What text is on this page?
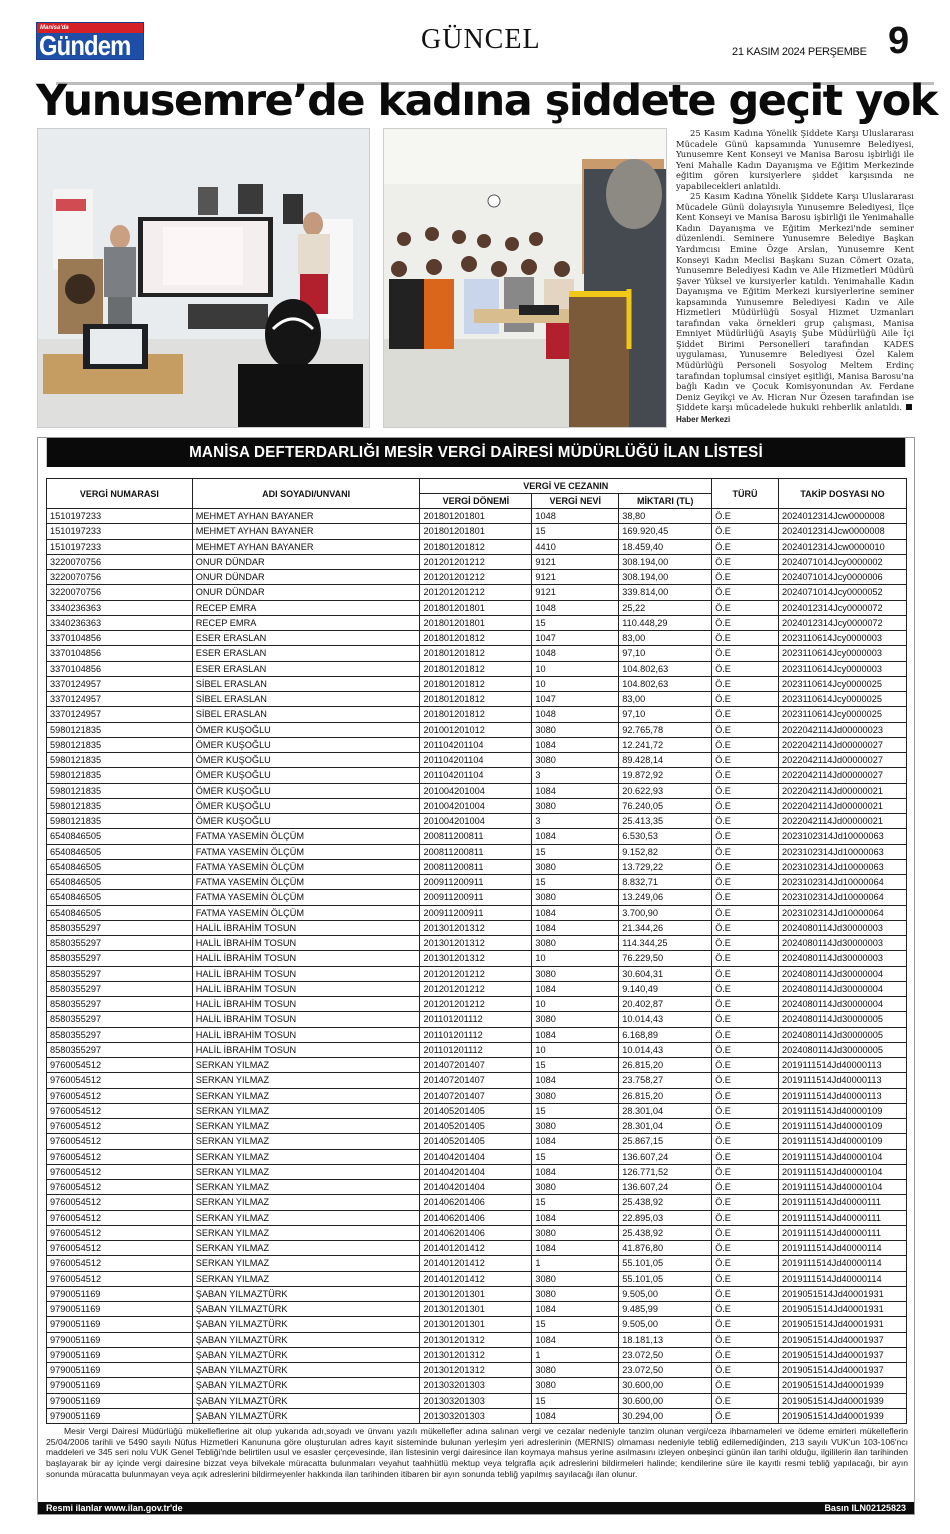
Manisa'da
Gündem	GÜNCEL	21 KASIM 2024 PERŞEMBE 9
Yunusemre’de kadına şiddete geçit yok

25 Kasım Kadına Yönelik Şiddete Karşı Uluslararası Mücadele Günü kapsamında Yunusemre Belediyesi, Yunusemre Kent Konseyi ve Manisa Barosu işbirliği ile Yeni Mahalle Kadın Dayanışma ve Eğitim Merkezinde eğitim gören kursiyerlere şiddet karşısında ne yapabilecekleri anlatıldı.

25 Kasım Kadına Yönelik Şiddete Karşı Uluslararası Mücadele Günü dolayısıyla Yunusemre Belediyesi, İlçe Kent Konseyi ve Manisa Barosu işbirliği ile Yenimahalle Kadın Dayanışma ve Eğitim Merkezi'nde seminer düzenlendi. Seminere Yunusemre Belediye Başkan Yardımcısı Emine Özge Arslan, Yunusemre Kent Konseyi Kadın Meclisi Başkanı Suzan Cömert Ozata, Yunusemre Belediyesi Kadın ve Aile Hizmetleri Müdürü Şaver Yüksel ve kursiyerler katıldı. Yenimahalle Kadın Dayanışma ve Eğitim Merkezi kursiyerlerine seminer kapsamında Yunusemre Belediyesi Kadın ve Aile Hizmetleri Müdürlüğü Sosyal Hizmet Uzmanları tarafından vaka örnekleri grup çalışması, Manisa Emniyet Müdürlüğü Asayiş Şube Müdürlüğü Aile İçi Şiddet Birimi Personelleri tarafından KADES uygulaması, Yunusemre Belediyesi Özel Kalem Müdürlüğü Personeli Sosyolog Meltem Erdinç tarafından toplumsal cinsiyet eşitliği, Manisa Barosu'na bağlı Kadın ve Çocuk Komisyonundan Av. Ferdane Deniz Geyikçi ve Av. Hicran Nur Özesen tarafından ise Şiddete karşı mücadelede hukuki rehberlik anlatıldı.Haber Merkezi

MANİSA DEFTERDARLIĞI MESİR VERGİ DAİRESİ MÜDÜRLÜĞÜ İLAN LİSTESİ
VERGİ NUMARASI	ADI SOYADI/UNVANI	VERGİ VE CEZANIN			TÜRÜ	TAKİP DOSYASI NO
		VERGİ DÖNEMİ	VERGİ NEVİ	MİKTARI (TL)		
1510197233	MEHMET AYHAN BAYANER	201801201801	1048	38,80	Ö.E	2024012314Jcw0000008
1510197233	MEHMET AYHAN BAYANER	201801201801	15	169.920,45	Ö.E	2024012314Jcw0000008
1510197233	MEHMET AYHAN BAYANER	201801201812	4410	18.459,40	Ö.E	2024012314Jcw0000010
3220070756	ONUR DÜNDAR	201201201212	9121	308.194,00	Ö.E	2024071014Jcy0000002
3220070756	ONUR DÜNDAR	201201201212	9121	308.194,00	Ö.E	2024071014Jcy0000006
3220070756	ONUR DÜNDAR	201201201212	9121	339.814,00	Ö.E	2024071014Jcy0000052
3340236363	RECEP EMRA	201801201801	1048	25,22	Ö.E	2024012314Jcy0000072
3340236363	RECEP EMRA	201801201801	15	110.448,29	Ö.E	2024012314Jcy0000072
3370104856	ESER ERASLAN	201801201812	1047	83,00	Ö.E	2023110614Jcy0000003
3370104856	ESER ERASLAN	201801201812	1048	97,10	Ö.E	2023110614Jcy0000003
3370104856	ESER ERASLAN	201801201812	10	104.802,63	Ö.E	2023110614Jcy0000003
3370124957	SİBEL ERASLAN	201801201812	10	104.802,63	Ö.E	2023110614Jcy0000025
3370124957	SİBEL ERASLAN	201801201812	1047	83,00	Ö.E	2023110614Jcy0000025
3370124957	SİBEL ERASLAN	201801201812	1048	97,10	Ö.E	2023110614Jcy0000025
5980121835	ÖMER KUŞOĞLU	201001201012	3080	92.765,78	Ö.E	2022042114Jd00000023
5980121835	ÖMER KUŞOĞLU	201104201104	1084	12.241,72	Ö.E	2022042114Jd00000027
5980121835	ÖMER KUŞOĞLU	201104201104	3080	89.428,14	Ö.E	2022042114Jd00000027
5980121835	ÖMER KUŞOĞLU	201104201104	3	19.872,92	Ö.E	2022042114Jd00000027
5980121835	ÖMER KUŞOĞLU	201004201004	1084	20.622,93	Ö.E	2022042114Jd00000021
5980121835	ÖMER KUŞOĞLU	201004201004	3080	76.240,05	Ö.E	2022042114Jd00000021
5980121835	ÖMER KUŞOĞLU	201004201004	3	25.413,35	Ö.E	2022042114Jd00000021
6540846505	FATMA YASEMİN ÖLÇÜM	200811200811	1084	6.530,53	Ö.E	2023102314Jd10000063
6540846505	FATMA YASEMİN ÖLÇÜM	200811200811	15	9.152,82	Ö.E	2023102314Jd10000063
6540846505	FATMA YASEMİN ÖLÇÜM	200811200811	3080	13.729,22	Ö.E	2023102314Jd10000063
6540846505	FATMA YASEMİN ÖLÇÜM	200911200911	15	8.832,71	Ö.E	2023102314Jd10000064
6540846505	FATMA YASEMİN ÖLÇÜM	200911200911	3080	13.249,06	Ö.E	2023102314Jd10000064
6540846505	FATMA YASEMİN ÖLÇÜM	200911200911	1084	3.700,90	Ö.E	2023102314Jd10000064
8580355297	HALİL İBRAHİM TOSUN	201301201312	1084	21.344,26	Ö.E	2024080114Jd30000003
8580355297	HALİL İBRAHİM TOSUN	201301201312	3080	114.344,25	Ö.E	2024080114Jd30000003
8580355297	HALİL İBRAHİM TOSUN	201301201312	10	76.229,50	Ö.E	2024080114Jd30000003
8580355297	HALİL İBRAHİM TOSUN	201201201212	3080	30.604,31	Ö.E	2024080114Jd30000004
8580355297	HALİL İBRAHİM TOSUN	201201201212	1084	9.140,49	Ö.E	2024080114Jd30000004
8580355297	HALİL İBRAHİM TOSUN	201201201212	10	20.402,87	Ö.E	2024080114Jd30000004
8580355297	HALİL İBRAHİM TOSUN	201101201112	3080	10.014,43	Ö.E	2024080114Jd30000005
8580355297	HALİL İBRAHİM TOSUN	201101201112	1084	6.168,89	Ö.E	2024080114Jd30000005
8580355297	HALİL İBRAHİM TOSUN	201101201112	10	10.014,43	Ö.E	2024080114Jd30000005
9760054512	SERKAN YILMAZ	201407201407	15	26.815,20	Ö.E	2019111514Jd40000113
9760054512	SERKAN YILMAZ	201407201407	1084	23.758,27	Ö.E	2019111514Jd40000113
9760054512	SERKAN YILMAZ	201407201407	3080	26.815,20	Ö.E	2019111514Jd40000113
9760054512	SERKAN YILMAZ	201405201405	15	28.301,04	Ö.E	2019111514Jd40000109
9760054512	SERKAN YILMAZ	201405201405	3080	28.301,04	Ö.E	2019111514Jd40000109
9760054512	SERKAN YILMAZ	201405201405	1084	25.867,15	Ö.E	2019111514Jd40000109
9760054512	SERKAN YILMAZ	201404201404	15	136.607,24	Ö.E	2019111514Jd40000104
9760054512	SERKAN YILMAZ	201404201404	1084	126.771,52	Ö.E	2019111514Jd40000104
9760054512	SERKAN YILMAZ	201404201404	3080	136.607,24	Ö.E	2019111514Jd40000104
9760054512	SERKAN YILMAZ	201406201406	15	25.438,92	Ö.E	2019111514Jd40000111
9760054512	SERKAN YILMAZ	201406201406	1084	22.895,03	Ö.E	2019111514Jd40000111
9760054512	SERKAN YILMAZ	201406201406	3080	25.438,92	Ö.E	2019111514Jd40000111
9760054512	SERKAN YILMAZ	201401201412	1084	41.876,80	Ö.E	2019111514Jd40000114
9760054512	SERKAN YILMAZ	201401201412	1	55.101,05	Ö.E	2019111514Jd40000114
9760054512	SERKAN YILMAZ	201401201412	3080	55.101,05	Ö.E	2019111514Jd40000114
9790051169	ŞABAN YILMAZTÜRK	201301201301	3080	9.505,00	Ö.E	2019051514Jd40001931
9790051169	ŞABAN YILMAZTÜRK	201301201301	1084	9.485,99	Ö.E	2019051514Jd40001931
9790051169	ŞABAN YILMAZTÜRK	201301201301	15	9.505,00	Ö.E	2019051514Jd40001931
9790051169	ŞABAN YILMAZTÜRK	201301201312	1084	18.181,13	Ö.E	2019051514Jd40001937
9790051169	ŞABAN YILMAZTÜRK	201301201312	1	23.072,50	Ö.E	2019051514Jd40001937
9790051169	ŞABAN YILMAZTÜRK	201301201312	3080	23.072,50	Ö.E	2019051514Jd40001937
9790051169	ŞABAN YILMAZTÜRK	201303201303	3080	30.600,00	Ö.E	2019051514Jd40001939
9790051169	ŞABAN YILMAZTÜRK	201303201303	15	30.600,00	Ö.E	2019051514Jd40001939
9790051169	ŞABAN YILMAZTÜRK	201303201303	1084	30.294,00	Ö.E	2019051514Jd40001939

Mesir Vergi Dairesi Müdürlüğü mükelleflerine ait olup yukarıda adı,soyadı ve ünvanı yazılı mükellefler adına salınan vergi ve cezalar nedeniyle tanzim olunan vergi/ceza ihbarnameleri ve ödeme emirleri mükelleflerin 25/04/2006 tarihli ve 5490 sayılı Nüfus Hizmetleri Kanununa göre oluşturulan adres kayıt sisteminde bulunan yerleşim yeri adreslerinin (MERNIS) olmaması nedeniyle tebliğ edilemediğinden, 213 sayılı VUK'un 103-106'ncı maddeleri ve 345 seri nolu VUK Genel Tebliği'nde belirtilen usul ve esasler çerçevesinde, ilan listesinin vergi dairesince ilan koymaya mahsus yerine asılmasını izleyen onbeşinci günün ilan tarihi olduğu, ilgililerin ilan tarihinden başlayarak bir ay içinde vergi dairesine bizzat veya bilvekale müracatta bulunmaları veyahut taahhütlü mektup veya telgrafla açık adreslerini bildirmeleri halinde; kendilerine süre ile kayıtlı resmi tebliğ yapılacağı, bir ayın sonunda müracatta bulunmayan veya açık adreslerini bildirmeyenler hakkında ilan tarihinden itibaren bir ayın sonunda tebliğ yapılmış sayılacağı ilan olunur.

Resmi ilanlar www.ilan.gov.tr'de	Basın ILN02125823
